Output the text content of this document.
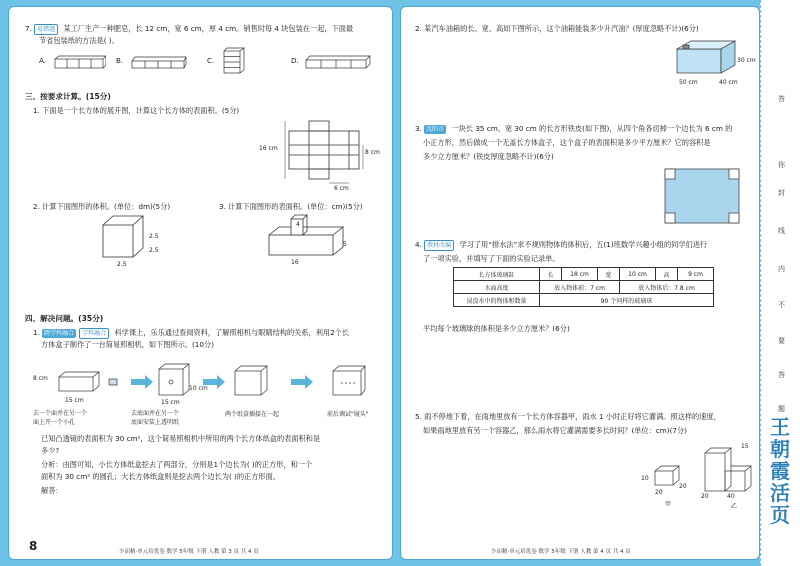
7. 易错题 某工厂生产一种肥皂，长 12 cm，宽 6 cm，厚 4 cm。销售时每 4 块包装在一起，下面最
节省包装纸的方法是( )。
A.	B.	C.	D.
三、按要求计算。(15分)
1. 下面是一个长方体的展开图，计算这个长方体的表面积。(5分)
16 cm
8 cm
6 cm
2. 计算下面图形的体积。(单位：dm)(5分)	3. 计算下面图形的表面积。(单位：cm)(5分)
2.5
2.5
2.5
4
5
16
四、解决问题。(35分)
1. 跨学科融合 学科融合 科学课上，乐乐通过查阅资料，了解照相机与眼睛结构的关系，利用2个长
方体盒子制作了一台简易照相机，如下图所示。(10分)
8 cm
15 cm
10 cm
15 cm
去一个面并在另一个
面上开一个小孔
去底面并在另一个
底面安装上透明纸
两个纸盒插接在一起	前后调试"镜头"
已知凸透镜的表面积为 30 cm²，这个简易照相机中所用的两个长方体纸盒的表面积和是
多少?
分析：由图可知，小长方体纸盒挖去了两部分，分别是1个边长为( )的正方形，和一个
面积为 30 cm² 的圆孔；大长方体纸盒则是挖去两个边长为( )的正方形面。
解答：
8	少而精·单元培优卷 数学 5年级 下册 人教 第 3 页 共 4 页
2. 某汽车油箱的长、宽、高如下图所示，这个油箱能装多少升汽油？(厚度忽略不计)(6分)
50 cm	40 cm
30 cm
3. 沈阳市 一块长 35 cm、宽 30 cm 的长方形铁皮(如下图)，从四个角各切掉一个边长为 6 cm 的
小正方形，然后做成一个无盖长方体盒子，这个盒子的表面积是多少平方厘米？它的容积是
多少立方厘米？(铁皮厚度忽略不计)(6分)
4. 教材改编 学习了用“排水法”求不规则物体的体积后，五(1)班数学兴趣小组的同学们进行
了一项实验，并填写了下面的实验记录单。
长方体玻璃缸	长	18 cm	宽	10 cm	高	9 cm
水面高度	放入物体前：7 cm			放入物体后：7.8 cm		
浸没水中的物体和数量	90 个同样的玻璃球					
平均每个玻璃球的体积是多少立方厘米？(6分)
5. 雨不停地下着，在雨地里放有一个长方体容器甲，雨水 1 小时正好将它灌满。照这样的速度，
如果雨地里放有另一个容器乙，那么雨水将它灌满需要多长时间？(单位：cm)(7分)
10
20
20
15
20	40
甲	乙
少而精·单元培优卷 数学 5年级 下册 人教 第 4 页 共 4 页
答
你
封
线
内
不
要
答
题
王朝霞活页
